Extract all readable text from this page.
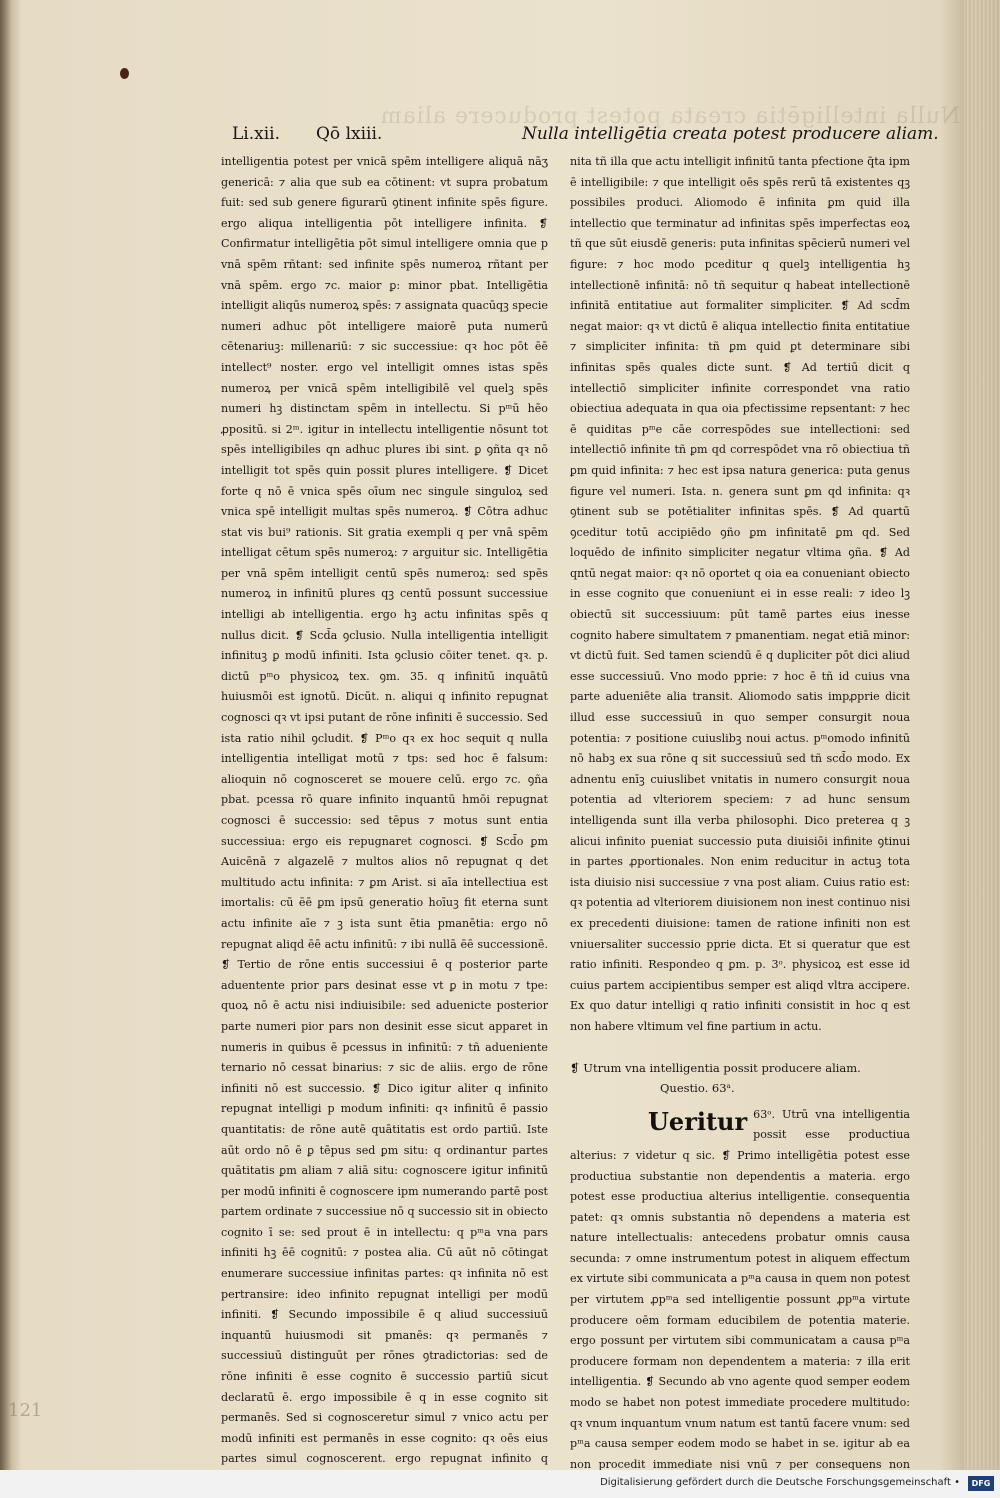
Nulla intelligētia creata potest producere aliam
Li.xii. Qō lxiii.	Nulla intelligētia creata potest producere aliam.
intelligentia potest per vnicā spēm intelligere aliquā nāʒ genericā: ⁊ alia que sub ea cōtinent: vt supra probatum fuit: sed sub genere figurarū ꝯtinent infinite spēs figure. ergo aliqua intelligentia pōt intelligere infinita. ❡ Confirmatur intelligētia pōt simul intelligere omnia que p vnā spēm rñtant: sed infinite spēs numeroꝝ rñtant per vnā spēm. ergo ⁊c. maior ꝑ: minor pbat. Intelligētia intelligit aliqūs numeroꝝ spēs: ⁊ assignata quacūqꝫ specie numeri adhuc pōt intelligere maiorē puta numerū cētenariuꝫ: millenariū: ⁊ sic successiue: qꝛ hoc pōt ēē intellect⁹ noster. ergo vel intelligit omnes istas spēs numeroꝝ per vnicā spēm intelligibilē vel quelꝫ spēs numeri hꝫ distinctam spēm in intellectu. Si pᵐū hēo ꝓpositū. si 2ᵐ. igitur in intellectu intelligentie nōsunt tot spēs intelligibiles qn adhuc plures ibi sint. ꝑ ꝯñta qꝛ nō intelligit tot spēs quin possit plures intelligere. ❡ Dicet forte q nō ē vnica spēs oīum nec singule singuloꝝ sed vnica spē intelligit multas spēs numeroꝝ. ❡ Cōtra adhuc stat vis bui⁹ rationis. Sit gratia exempli q per vnā spēm intelligat cētum spēs numeroꝝ: ⁊ arguitur sic. Intelligētia per vnā spēm intelligit centū spēs numeroꝝ: sed spēs numeroꝝ in infinitū plures qꝫ centū possunt successiue intelligi ab intelligentia. ergo hꝫ actu infinitas spēs q nullus dicit. ❡ Scd̄a ꝯclusio. Nulla intelligentia intelligit infinituꝫ ꝑ modū infiniti. Ista ꝯclusio cōiter tenet. qꝛ. p. dictū pᵐo physicoꝝ tex. ꝯm. 35. q infinitū inquātū huiusmōi est ignotū. Dicūt. n. aliqui q infinito repugnat cognosci qꝛ vt ipsi putant de rōne infiniti ē successio. Sed ista ratio nihil ꝯcludit. ❡ Pᵐo qꝛ ex hoc sequit q nulla intelligentia intelligat motū ⁊ tps: sed hoc ē falsum: alioquin nō cognosceret se mouere celū. ergo ⁊c. ꝯña pbat. pcessa rō quare infinito inquantū hmōi repugnat cognosci ē successio: sed tēpus ⁊ motus sunt entia successiua: ergo eis repugnaret cognosci. ❡ Scd̄o ꝑm Auicēnā ⁊ algazelē ⁊ multos alios nō repugnat q det multitudo actu infinita: ⁊ ꝑm Arist. si aīa intellectiua est imortalis: cū ēē ꝑm ipsū generatio hoīuꝫ fit eterna sunt actu infinite aīe ⁊ ꝫ ista sunt ētia pmanētia: ergo nō repugnat aliqd ēē actu infinitū: ⁊ ibi nullā ēē successionē. ❡ Tertio de rōne entis successiui ē q posterior parte aduentente prior pars desinat esse vt ꝑ in motu ⁊ tpe: quoꝝ nō ē actu nisi indiuisibile: sed aduenicte posterior parte numeri pior pars non desinit esse sicut apparet in numeris in quibus ē pcessus in infinitū: ⁊ tñ adueniente ternario nō cessat binarius: ⁊ sic de aliis. ergo de rōne infiniti nō est successio. ❡ Dico igitur aliter q infinito repugnat intelligi p modum infiniti: qꝛ infinitū ē passio quantitatis: de rōne autē quātitatis est ordo partiū. Iste aūt ordo nō ē ꝑ tēpus sed ꝑm situ: q ordinantur partes quātitatis ꝑm aliam ⁊ aliā situ: cognoscere igitur infinitū per modū infiniti ē cognoscere ipm numerando partē post partem ordinate ⁊ successiue nō q successio sit in obiecto cognito ī se: sed prout ē in intellectu: q pᵐa vna pars infiniti hꝫ ēē cognitū: ⁊ postea alia. Cū aūt nō cōtingat enumerare successiue infinitas partes: qꝛ infinita nō est pertransire: ideo infinito repugnat intelligi per modū infiniti. ❡ Secundo impossibile ē q aliud successiuū inquantū huiusmodi sit pmanēs: qꝛ permanēs ⁊ successiuū distinguūt per rōnes ꝯtradictorias: sed de rōne infiniti ē esse cognito ē successio partiū sicut declaratū ē. ergo impossibile ē q in esse cognito sit permanēs. Sed si cognosceretur simul ⁊ vnico actu per modū infiniti est permanēs in esse cognito: qꝛ oēs eius partes simul cognoscerent. ergo repugnat infinito q
nita tñ illa que actu intelligit infinitū tanta pfectione q̄ta ipm ē intelligibile: ⁊ que intelligit oēs spēs rerū tā existentes qꝫ possibiles produci. Aliomodo ē infinita ꝑm quid illa intellectio que terminatur ad infinitas spēs imperfectas eoꝝ tñ que sūt eiusdē generis: puta infinitas spēcierū numeri vel figure: ⁊ hoc modo pceditur q quelꝫ intelligentia hꝫ intellectionē infinitā: nō tñ sequitur q habeat intellectionē infinitā entitatiue aut formaliter simpliciter. ❡ Ad scd̄m negat maior: qꝛ vt dictū ē aliqua intellectio finita entitatiue ⁊ simpliciter infinita: tñ ꝑm quid ꝑt determinare sibi infinitas spēs quales dicte sunt. ❡ Ad tertiū dicit q intellectiō simpliciter infinite correspondet vna ratio obiectiua adequata in qua oia pfectissime repsentant: ⁊ hec ē quiditas pᵐe cāe correspōdes sue intellectioni: sed intellectiō infinite tñ ꝑm qd correspōdet vna rō obiectiua tñ ꝑm quid infinita: ⁊ hec est ipsa natura generica: puta genus figure vel numeri. Ista. n. genera sunt ꝑm qd infinita: qꝛ ꝯtinent sub se potētialiter infinitas spēs. ❡ Ad quartū ꝯceditur totū accipiēdo ꝯño ꝑm infinitatē ꝑm qd. Sed loquēdo de infinito simpliciter negatur vltima ꝯña. ❡ Ad qntū negat maior: qꝛ nō oportet q oia ea conueniant obiecto in esse cognito que conueniunt ei in esse reali: ⁊ ideo lꝫ obiectū sit successiuum: pūt tamē partes eius inesse cognito habere simultatem ⁊ pmanentiam. negat etiā minor: vt dictū fuit. Sed tamen sciendū ē q dupliciter pōt dici aliud esse successiuū. Vno modo pprie: ⁊ hoc ē tñ id cuius vna parte adueniēte alia transit. Aliomodo satis impꝓprie dicit illud esse successiuū in quo semper consurgit noua potentia: ⁊ positione cuiuslibꝫ noui actus. pᵐomodo infinitū nō habꝫ ex sua rōne q sit successiuū sed tñ scd̄o modo. Ex adnentu enīꝫ cuiuslibet vnitatis in numero consurgit noua potentia ad vlteriorem speciem: ⁊ ad hunc sensum intelligenda sunt illa verba philosophi. Dico preterea q ꝫ alicui infinito pueniat successio puta diuisiōi infinite ꝯtinui in partes ꝓportionales. Non enim reducitur in actuꝫ tota ista diuisio nisi successiue ⁊ vna post aliam. Cuius ratio est: qꝛ potentia ad vlteriorem diuisionem non inest continuo nisi ex precedenti diuisione: tamen de ratione infiniti non est vniuersaliter successio pprie dicta. Et si queratur que est ratio infiniti. Respondeo q ꝑm. p. 3ᵒ. physicoꝝ est esse id cuius partem accipientibus semper est aliqd vltra accipere. Ex quo datur intelligi q ratio infiniti consistit in hoc q est non habere vltimum vel fine partium in actu.
❡ Utrum vna intelligentia possit producere aliam.
Questio. 63ᵃ.
Ueritur 63ᵒ. Utrū vna intelligentia possit esse productiua alterius: ⁊ videtur q sic. ❡ Primo intelligētia potest esse productiua substantie non dependentis a materia. ergo potest esse productiua alterius intelligentie. consequentia patet: qꝛ omnis substantia nō dependens a materia est nature intellectualis: antecedens probatur omnis causa secunda: ⁊ omne instrumentum potest in aliquem effectum ex virtute sibi communicata a pᵐa causa in quem non potest per virtutem ꝓpᵐa sed intelligentie possunt ꝓpᵐa virtute producere oēm formam educibilem de potentia materie. ergo possunt per virtutem sibi communicatam a causa pᵐa producere formam non dependentem a materia: ⁊ illa erit intelligentia. ❡ Secundo ab vno agente quod semper eodem modo se habet non potest immediate procedere multitudo: qꝛ vnum inquantum vnum natum est tantū facere vnum: sed pᵐa causa semper eodem modo se habet in se. igitur ab ea non procedit immediate nisi vnū ⁊ per consequens non
121
Digitalisierung gefördert durch die Deutsche Forschungsgemeinschaft •	DFG
